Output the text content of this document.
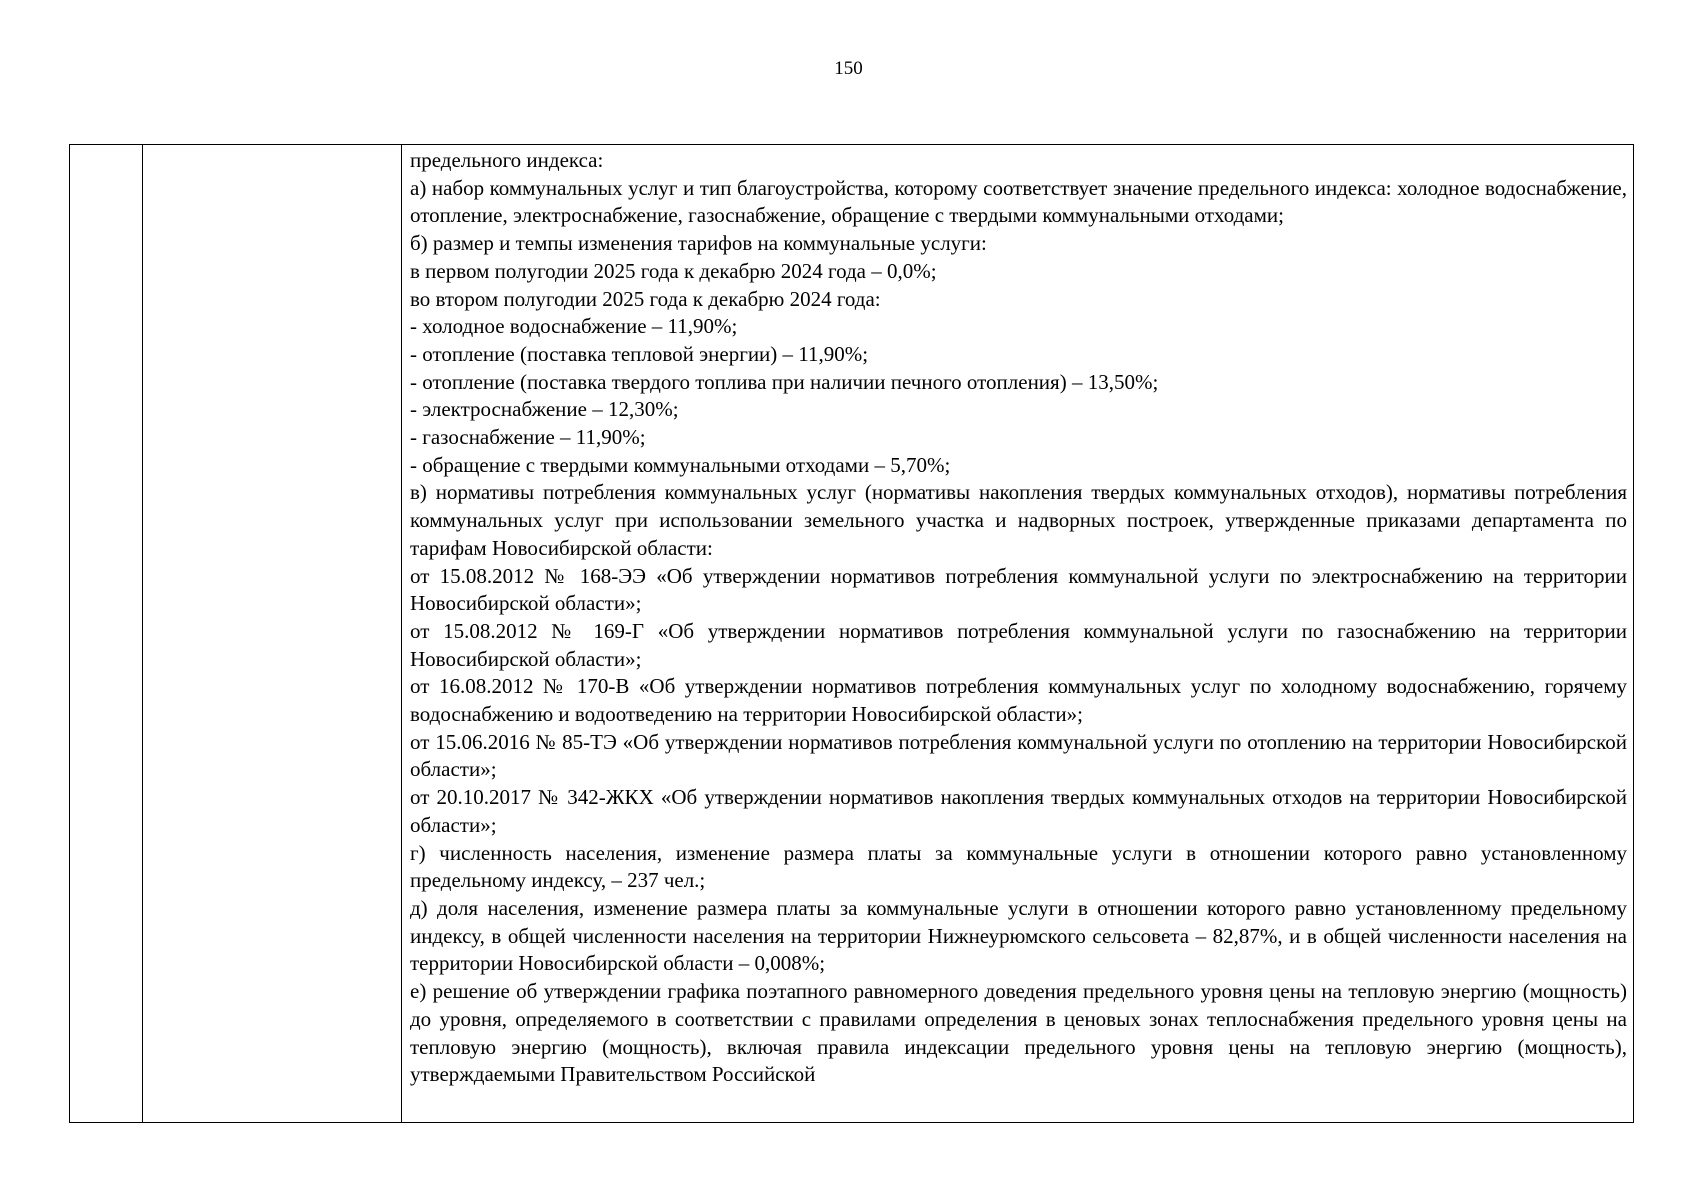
150

предельного индекса:

а) набор коммунальных услуг и тип благоустройства, которому соответствует значение предельного индекса: холодное водоснабжение, отопление, электроснабжение, газоснабжение, обращение с твердыми коммунальными отходами;

б) размер и темпы изменения тарифов на коммунальные услуги:

в первом полугодии 2025 года к декабрю 2024 года – 0,0%;

во втором полугодии 2025 года к декабрю 2024 года:

- холодное водоснабжение – 11,90%;

- отопление (поставка тепловой энергии) – 11,90%;

- отопление (поставка твердого топлива при наличии печного отопления) – 13,50%;

- электроснабжение – 12,30%;

- газоснабжение – 11,90%;

- обращение с твердыми коммунальными отходами – 5,70%;

в) нормативы потребления коммунальных услуг (нормативы накопления твердых коммунальных отходов), нормативы потребления коммунальных услуг при использовании земельного участка и надворных построек, утвержденные приказами департамента по тарифам Новосибирской области:

от 15.08.2012 № 168-ЭЭ «Об утверждении нормативов потребления коммунальной услуги по электроснабжению на территории Новосибирской области»;

от 15.08.2012 № 169-Г «Об утверждении нормативов потребления коммунальной услуги по газоснабжению на территории Новосибирской области»;

от 16.08.2012 № 170-В «Об утверждении нормативов потребления коммунальных услуг по холодному водоснабжению, горячему водоснабжению и водоотведению на территории Новосибирской области»;

от 15.06.2016 № 85-ТЭ «Об утверждении нормативов потребления коммунальной услуги по отоплению на территории Новосибирской области»;

от 20.10.2017 № 342-ЖКХ «Об утверждении нормативов накопления твердых коммунальных отходов на территории Новосибирской области»;

г) численность населения, изменение размера платы за коммунальные услуги в отношении которого равно установленному предельному индексу, – 237 чел.;

д) доля населения, изменение размера платы за коммунальные услуги в отношении которого равно установленному предельному индексу, в общей численности населения на территории Нижнеурюмского сельсовета – 82,87%, и в общей численности населения на территории Новосибирской области – 0,008%;

е) решение об утверждении графика поэтапного равномерного доведения предельного уровня цены на тепловую энергию (мощность) до уровня, определяемого в соответствии с правилами определения в ценовых зонах теплоснабжения предельного уровня цены на тепловую энергию (мощность), включая правила индексации предельного уровня цены на тепловую энергию (мощность), утверждаемыми Правительством Российской
